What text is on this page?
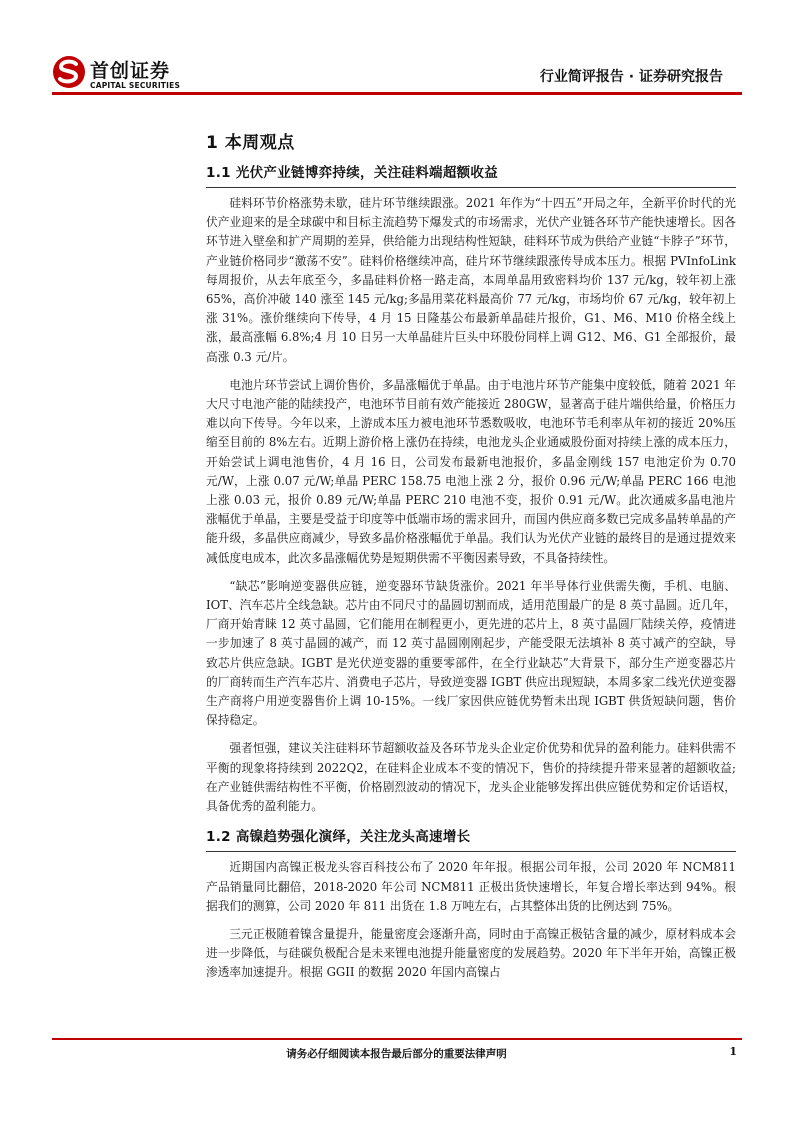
首创证券
CAPITAL SECURITIES
行业简评报告 · 证券研究报告
1 本周观点
1.1 光伏产业链博弈持续，关注硅料端超额收益

硅料环节价格涨势未歇，硅片环节继续跟涨。2021 年作为“十四五”开局之年，全新平价时代的光伏产业迎来的是全球碳中和目标主流趋势下爆发式的市场需求，光伏产业链各环节产能快速增长。因各环节进入壁垒和扩产周期的差异，供给能力出现结构性短缺，硅料环节成为供给产业链“卡脖子”环节，产业链价格同步“激荡不安”。硅料价格继续冲高，硅片环节继续跟涨传导成本压力。根据 PVInfoLink 每周报价，从去年底至今，多晶硅料价格一路走高，本周单晶用致密料均价 137 元/kg，较年初上涨 65%，高价冲破 140 涨至 145 元/kg;多晶用菜花料最高价 77 元/kg，市场均价 67 元/kg，较年初上涨 31%。涨价继续向下传导，4 月 15 日隆基公布最新单晶硅片报价，G1、M6、M10 价格全线上涨，最高涨幅 6.8%;4 月 10 日另一大单晶硅片巨头中环股份同样上调 G12、M6、G1 全部报价，最高涨 0.3 元/片。

电池片环节尝试上调价售价，多晶涨幅优于单晶。由于电池片环节产能集中度较低，随着 2021 年大尺寸电池产能的陆续投产，电池环节目前有效产能接近 280GW，显著高于硅片端供给量，价格压力难以向下传导。今年以来，上游成本压力被电池环节悉数吸收，电池环节毛利率从年初的接近 20%压缩至目前的 8%左右。近期上游价格上涨仍在持续，电池龙头企业通威股份面对持续上涨的成本压力，开始尝试上调电池售价，4 月 16 日，公司发布最新电池报价，多晶金刚线 157 电池定价为 0.70 元/W，上涨 0.07 元/W;单晶 PERC 158.75 电池上涨 2 分，报价 0.96 元/W;单晶 PERC 166 电池上涨 0.03 元，报价 0.89 元/W;单晶 PERC 210 电池不变，报价 0.91 元/W。此次通威多晶电池片涨幅优于单晶，主要是受益于印度等中低端市场的需求回升，而国内供应商多数已完成多晶转单晶的产能升级，多晶供应商减少，导致多晶价格涨幅优于单晶。我们认为光伏产业链的最终目的是通过提效来减低度电成本，此次多晶涨幅优势是短期供需不平衡因素导致，不具备持续性。

“缺芯”影响逆变器供应链，逆变器环节缺货涨价。2021 年半导体行业供需失衡，手机、电脑、IOT、汽车芯片全线急缺。芯片由不同尺寸的晶圆切割而成，适用范围最广的是 8 英寸晶圆。近几年，厂商开始青睐 12 英寸晶圆，它们能用在制程更小，更先进的芯片上，8 英寸晶圆厂陆续关停，疫情进一步加速了 8 英寸晶圆的减产，而 12 英寸晶圆刚刚起步，产能受限无法填补 8 英寸减产的空缺，导致芯片供应急缺。IGBT 是光伏逆变器的重要零部件，在全行业缺芯”大背景下，部分生产逆变器芯片的厂商转而生产汽车芯片、消费电子芯片，导致逆变器 IGBT 供应出现短缺，本周多家二线光伏逆变器生产商将户用逆变器售价上调 10-15%。一线厂家因供应链优势暂未出现 IGBT 供货短缺问题，售价保持稳定。

强者恒强，建议关注硅料环节超额收益及各环节龙头企业定价优势和优异的盈利能力。硅料供需不平衡的现象将持续到 2022Q2，在硅料企业成本不变的情况下，售价的持续提升带来显著的超额收益;在产业链供需结构性不平衡，价格剧烈波动的情况下，龙头企业能够发挥出供应链优势和定价话语权，具备优秀的盈利能力。

1.2 高镍趋势强化演绎，关注龙头高速增长

近期国内高镍正极龙头容百科技公布了 2020 年年报。根据公司年报，公司 2020 年 NCM811 产品销量同比翻倍，2018-2020 年公司 NCM811 正极出货快速增长，年复合增长率达到 94%。根据我们的测算，公司 2020 年 811 出货在 1.8 万吨左右，占其整体出货的比例达到 75%。

三元正极随着镍含量提升，能量密度会逐渐升高，同时由于高镍正极钴含量的减少，原材料成本会进一步降低，与硅碳负极配合是未来锂电池提升能量密度的发展趋势。2020 年下半年开始，高镍正极渗透率加速提升。根据 GGII 的数据 2020 年国内高镍占

请务必仔细阅读本报告最后部分的重要法律声明	1
